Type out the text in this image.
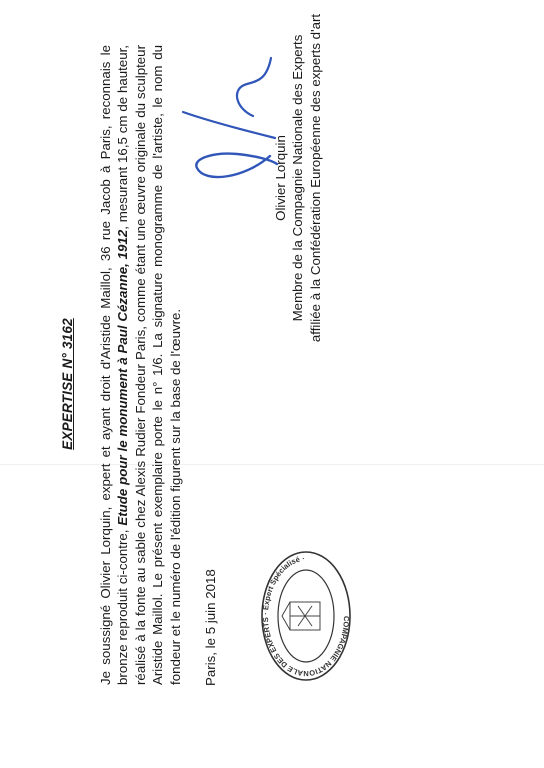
EXPERTISE N° 3162 Je soussigné Olivier Lorquin, expert et ayant droit d'Aristide Maillol, 36 rue Jacob à Paris, reconnais le bronze reproduit ci-contre, Etude pour le monument à Paul Cézanne, 1912, mesurant 16,5 cm de hauteur, réalisé à la fonte au sable chez Alexis Rudier Fondeur Paris, comme étant une œuvre originale du sculpteur Aristide Maillol. Le présent exemplaire porte le n° 1/6. La signature monogramme de l'artiste, le nom du fondeur et le numéro de l'édition figurent sur la base de l'œuvre. Paris, le 5 juin 2018	COMPAGNIE NATIONALE DES EXPERTS · Expert Spécialisé ·
Olivier Lorquin Membre de la Compagnie Nationale des Experts affiliée à la Confédération Européenne des experts d'art
